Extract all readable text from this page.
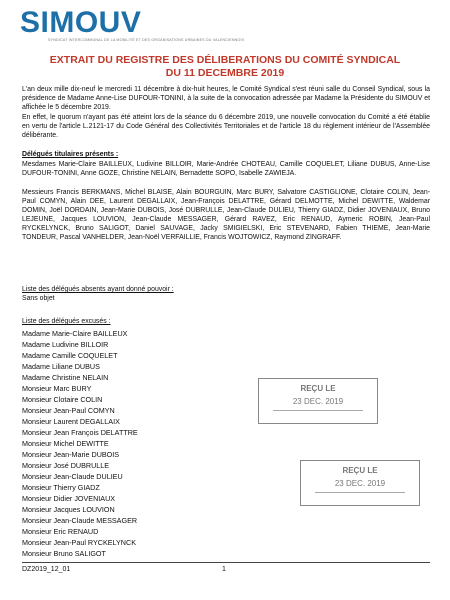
SIMOUV
SYNDICAT INTERCOMMUNAL DE LA MOBILITÉ ET DES ORGANISATIONS URBAINES DU VALENCIENNOIS
EXTRAIT DU REGISTRE DES DÉLIBERATIONS DU COMITÉ SYNDICAL
DU 11 DECEMBRE 2019
L'an deux mille dix-neuf le mercredi 11 décembre à dix-huit heures, le Comité Syndical s'est réuni salle du Conseil Syndical, sous la présidence de Madame Anne-Lise DUFOUR-TONINI, à la suite de la convocation adressée par Madame la Présidente du SIMOUV et affichée le 5 décembre 2019.
En effet, le quorum n'ayant pas été atteint lors de la séance du 6 décembre 2019, une nouvelle convocation du Comité a été établie en vertu de l'article L.2121-17 du Code Général des Collectivités Territoriales et de l'article 18 du règlement intérieur de l'Assemblée délibérante.
Délégués titulaires présents :
Mesdames Marie-Claire BAILLEUX, Ludivine BILLOIR, Marie-Andrée CHOTEAU, Camille COQUELET, Liliane DUBUS, Anne-Lise DUFOUR-TONINI, Anne GOZE, Christine NELAIN, Bernadette SOPO, Isabelle ZAWIEJA.
Messieurs Francis BERKMANS, Michel BLAISE, Alain BOURGUIN, Marc BURY, Salvatore CASTIGLIONE, Clotaire COLIN, Jean-Paul COMYN, Alain DEE, Laurent DEGALLAIX, Jean-François DELATTRE, Gérard DELMOTTE, Michel DEWITTE, Waldemar DOMIN, Joël DORDAIN, Jean-Marie DUBOIS, José DUBRULLE, Jean-Claude DULIEU, Thierry GIADZ, Didier JOVENIAUX, Bruno LEJEUNE, Jacques LOUVION, Jean-Claude MESSAGER, Gérard RAVEZ, Eric RENAUD, Aymeric ROBIN, Jean-Paul RYCKELYNCK, Bruno SALIGOT, Daniel SAUVAGE, Jacky SMIGIELSKI, Eric STEVENARD, Fabien THIEME, Jean-Marie TONDEUR, Pascal VANHELDER, Jean-Noël VERFAILLIE, Francis WOJTOWICZ, Raymond ZINGRAFF.
Liste des délégués absents ayant donné pouvoir :
Sans objet
Liste des délégués excusés :
Madame Marie-Claire BAILLEUX
Madame Ludivine BILLOIR
Madame Camille COQUELET
Madame Liliane DUBUS
Madame Christine NELAIN
Monsieur Marc BURY
Monsieur Clotaire COLIN
Monsieur Jean-Paul COMYN
Monsieur Laurent DEGALLAIX
Monsieur Jean François DELATTRE
Monsieur Michel DEWITTE
Monsieur Jean-Marie DUBOIS
Monsieur José DUBRULLE
Monsieur Jean-Claude DULIEU
Monsieur Thierry GIADZ
Monsieur Didier JOVENIAUX
Monsieur Jacques LOUVION
Monsieur Jean-Claude MESSAGER
Monsieur Eric RENAUD
Monsieur Jean-Paul RYCKELYNCK
Monsieur Bruno SALIGOT
REÇU LE
23 DEC. 2019
REÇU LE
23 DEC. 2019
DZ2019_12_01	1
